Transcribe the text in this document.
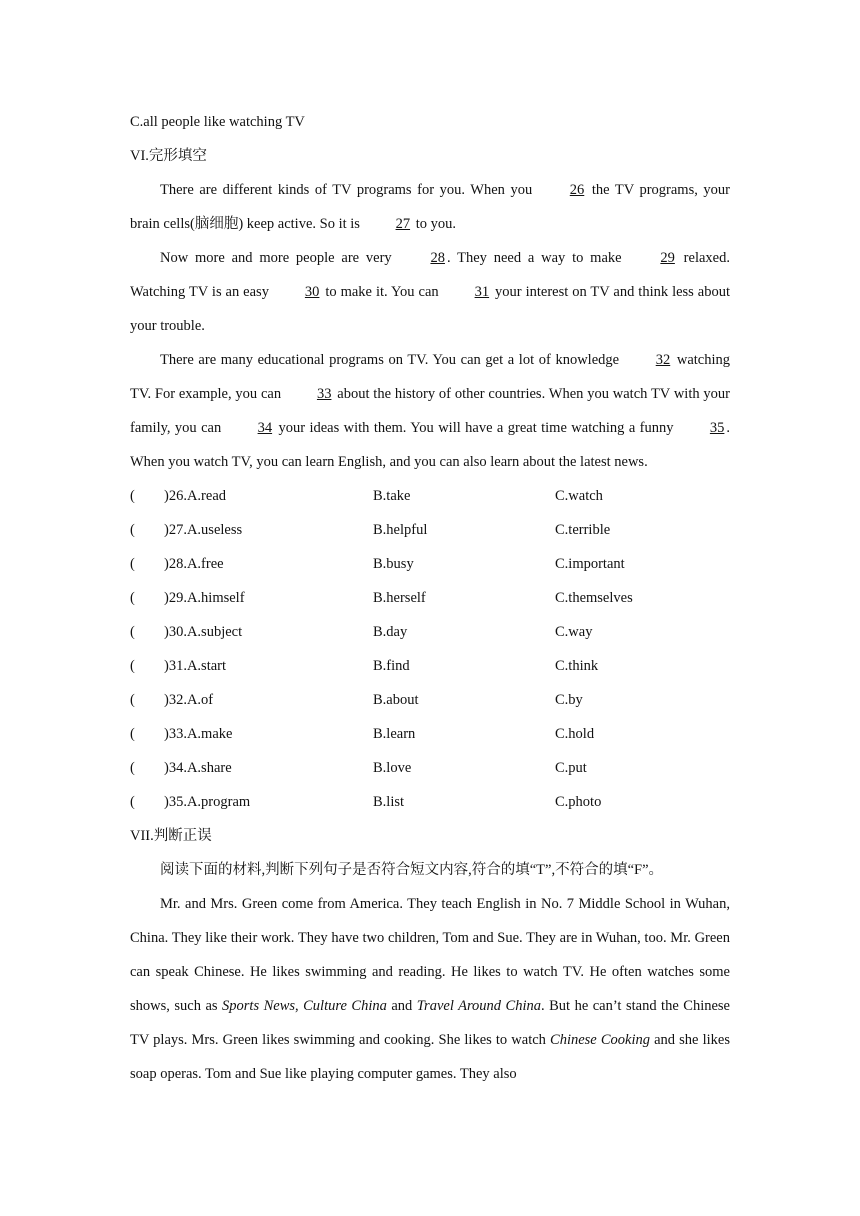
C.all people like watching TV
VI.完形填空
There are different kinds of TV programs for you. When you 26 the TV programs, your brain cells(脑细胞) keep active. So it is 27 to you.
Now more and more people are very 28 . They need a way to make 29 relaxed. Watching TV is an easy 30 to make it. You can 31 your interest on TV and think less about your trouble.
There are many educational programs on TV. You can get a lot of knowledge 32 watching TV. For example, you can 33 about the history of other countries. When you watch TV with your family, you can 34 your ideas with them. You will have a great time watching a funny 35 . When you watch TV, you can learn English, and you can also learn about the latest news.
(	)26.A.read	B.take	C.watch
(	)27.A.useless	B.helpful	C.terrible
(	)28.A.free	B.busy	C.important
(	)29.A.himself	B.herself	C.themselves
(	)30.A.subject	B.day	C.way
(	)31.A.start	B.find	C.think
(	)32.A.of	B.about	C.by
(	)33.A.make	B.learn	C.hold
(	)34.A.share	B.love	C.put
(	)35.A.program	B.list	C.photo
VII.判断正误
阅读下面的材料,判断下列句子是否符合短文内容,符合的填“T”,不符合的填“F”。
Mr. and Mrs. Green come from America. They teach English in No. 7 Middle School in Wuhan, China. They like their work. They have two children, Tom and Sue. They are in Wuhan, too. Mr. Green can speak Chinese. He likes swimming and reading. He likes to watch TV. He often watches some shows, such as Sports News, Culture China and Travel Around China. But he can’t stand the Chinese TV plays. Mrs. Green likes swimming and cooking. She likes to watch Chinese Cooking and she likes soap operas. Tom and Sue like playing computer games. They also
